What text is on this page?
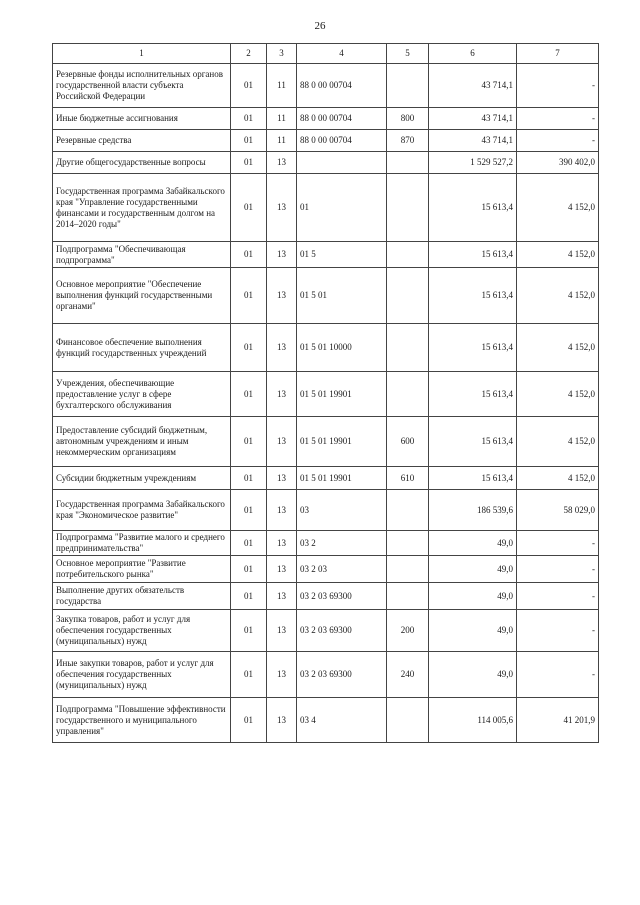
26
1	2	3	4	5	6	7
Резервные фонды исполнительных органов государственной власти субъекта Российской Федерации	01	11	88 0 00 00704		43 714,1	-
Иные бюджетные ассигнования	01	11	88 0 00 00704	800	43 714,1	-
Резервные средства	01	11	88 0 00 00704	870	43 714,1	-
Другие общегосударственные вопросы	01	13			1 529 527,2	390 402,0
Государственная программа Забайкальского края "Управление государственными финансами и государственным долгом на 2014–2020 годы"	01	13	01		15 613,4	4 152,0
Подпрограмма "Обеспечивающая подпрограмма"	01	13	01 5		15 613,4	4 152,0
Основное мероприятие "Обеспечение выполнения функций государственными органами"	01	13	01 5 01		15 613,4	4 152,0
Финансовое обеспечение выполнения функций государственных учреждений	01	13	01 5 01 10000		15 613,4	4 152,0
Учреждения, обеспечивающие предоставление услуг в сфере бухгалтерского обслуживания	01	13	01 5 01 19901		15 613,4	4 152,0
Предоставление субсидий бюджетным, автономным учреждениям и иным некоммерческим организациям	01	13	01 5 01 19901	600	15 613,4	4 152,0
Субсидии бюджетным учреждениям	01	13	01 5 01 19901	610	15 613,4	4 152,0
Государственная программа Забайкальского края "Экономическое развитие"	01	13	03		186 539,6	58 029,0
Подпрограмма "Развитие малого и среднего предпринимательства"	01	13	03 2		49,0	-
Основное мероприятие "Развитие потребительского рынка"	01	13	03 2 03		49,0	-
Выполнение других обязательств государства	01	13	03 2 03 69300		49,0	-
Закупка товаров, работ и услуг для обеспечения государственных (муниципальных) нужд	01	13	03 2 03 69300	200	49,0	-
Иные закупки товаров, работ и услуг для обеспечения государственных (муниципальных) нужд	01	13	03 2 03 69300	240	49,0	-
Подпрограмма "Повышение эффективности государственного и муниципального управления"	01	13	03 4		114 005,6	41 201,9
